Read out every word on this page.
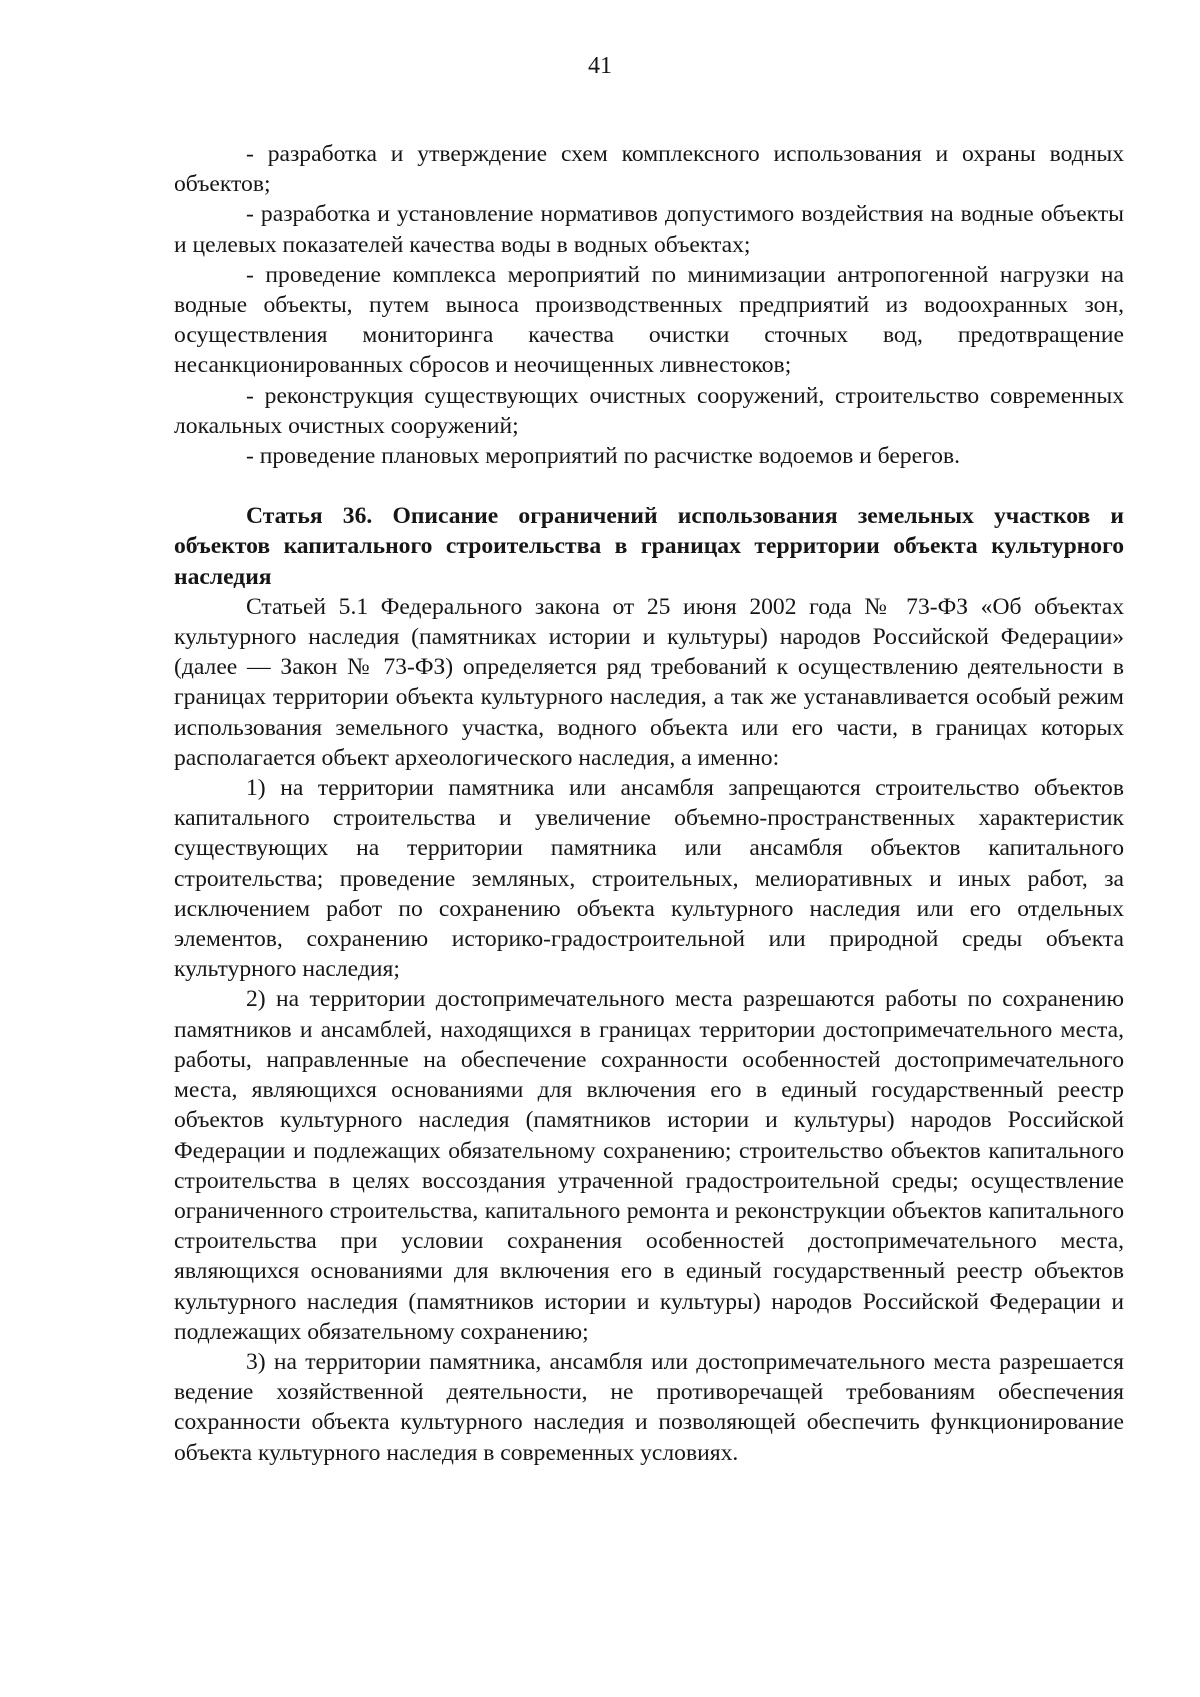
41

- разработка и утверждение схем комплексного использования и охраны водных объектов;

- разработка и установление нормативов допустимого воздействия на водные объекты и целевых показателей качества воды в водных объектах;

- проведение комплекса мероприятий по минимизации антропогенной нагрузки на водные объекты, путем выноса производственных предприятий из водоохранных зон, осуществления мониторинга качества очистки сточных вод, предотвращение несанкционированных сбросов и неочищенных ливнестоков;

- реконструкция существующих очистных сооружений, строительство современных локальных очистных сооружений;

- проведение плановых мероприятий по расчистке водоемов и берегов.

Статья 36. Описание ограничений использования земельных участков и объектов капитального строительства в границах территории объекта культурного наследия

Статьей 5.1 Федерального закона от 25 июня 2002 года № 73-ФЗ «Об объектах культурного наследия (памятниках истории и культуры) народов Российской Федерации» (далее — Закон № 73-ФЗ) определяется ряд требований к осуществлению деятельности в границах территории объекта культурного наследия, а так же устанавливается особый режим использования земельного участка, водного объекта или его части, в границах которых располагается объект археологического наследия, а именно:

1) на территории памятника или ансамбля запрещаются строительство объектов капитального строительства и увеличение объемно-пространственных характеристик существующих на территории памятника или ансамбля объектов капитального строительства; проведение земляных, строительных, мелиоративных и иных работ, за исключением работ по сохранению объекта культурного наследия или его отдельных элементов, сохранению историко-градостроительной или природной среды объекта культурного наследия;

2) на территории достопримечательного места разрешаются работы по сохранению памятников и ансамблей, находящихся в границах территории достопримечательного места, работы, направленные на обеспечение сохранности особенностей достопримечательного места, являющихся основаниями для включения его в единый государственный реестр объектов культурного наследия (памятников истории и культуры) народов Российской Федерации и подлежащих обязательному сохранению; строительство объектов капитального строительства в целях воссоздания утраченной градостроительной среды; осуществление ограниченного строительства, капитального ремонта и реконструкции объектов капитального строительства при условии сохранения особенностей достопримечательного места, являющихся основаниями для включения его в единый государственный реестр объектов культурного наследия (памятников истории и культуры) народов Российской Федерации и подлежащих обязательному сохранению;

3) на территории памятника, ансамбля или достопримечательного места разрешается ведение хозяйственной деятельности, не противоречащей требованиям обеспечения сохранности объекта культурного наследия и позволяющей обеспечить функционирование объекта культурного наследия в современных условиях.
